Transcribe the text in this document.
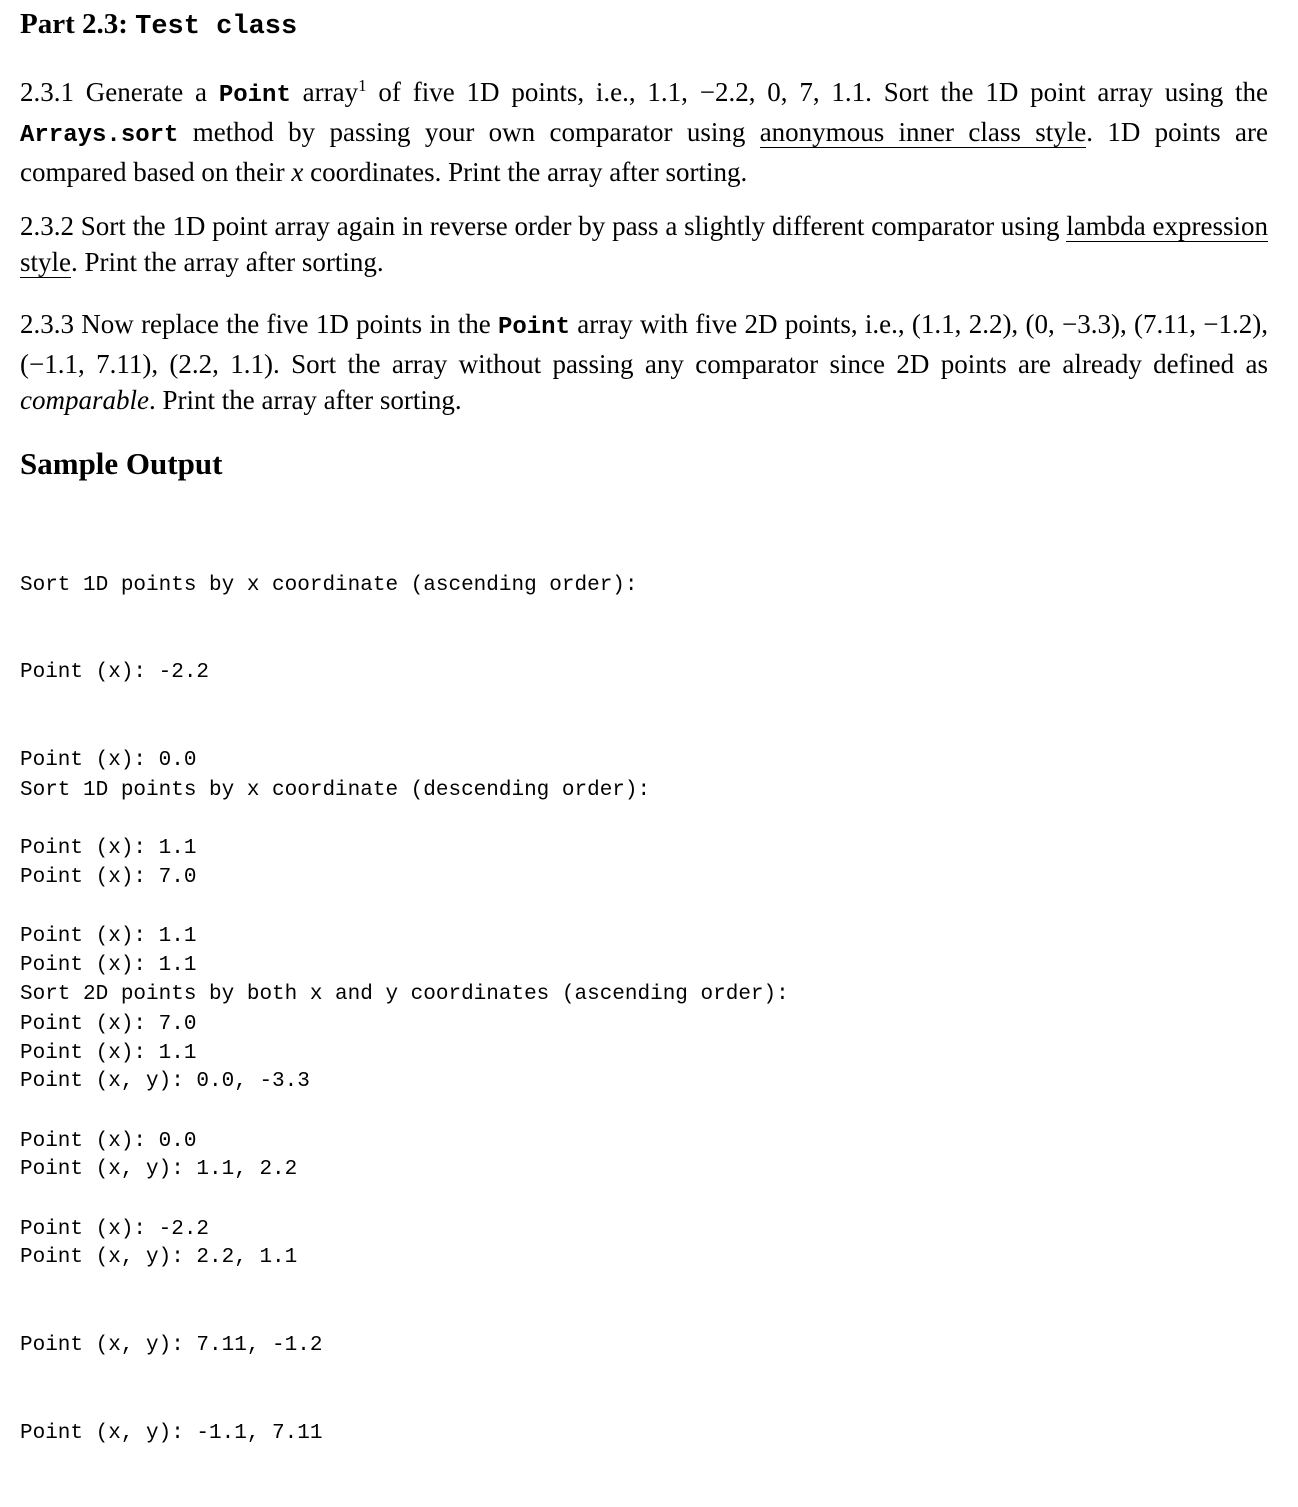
Part 2.3: Test class
2.3.1 Generate a Point array$^1$ of five 1D points, i.e., 1.1, −2.2, 0, 7, 1.1. Sort the 1D point array using the Arrays.sort method by passing your own comparator using anonymous inner class style. 1D points are compared based on their x coordinates. Print the array after sorting.
2.3.2 Sort the 1D point array again in reverse order by pass a slightly different comparator using lambda expression style. Print the array after sorting.
2.3.3 Now replace the five 1D points in the Point array with five 2D points, i.e., (1.1, 2.2), (0, −3.3), (7.11, −1.2), (−1.1, 7.11), (2.2, 1.1). Sort the array without passing any comparator since 2D points are already defined as comparable. Print the array after sorting.
Sample Output

Sort 1D points by x coordinate (ascending order):

Point (x): -2.2

Point (x): 0.0

Point (x): 1.1

Point (x): 1.1

Point (x): 7.0

Sort 1D points by x coordinate (descending order):

Point (x): 7.0

Point (x): 1.1

Point (x): 1.1

Point (x): 0.0

Point (x): -2.2

Sort 2D points by both x and y coordinates (ascending order):

Point (x, y): 0.0, -3.3

Point (x, y): 1.1, 2.2

Point (x, y): 2.2, 1.1

Point (x, y): 7.11, -1.2

Point (x, y): -1.1, 7.11
